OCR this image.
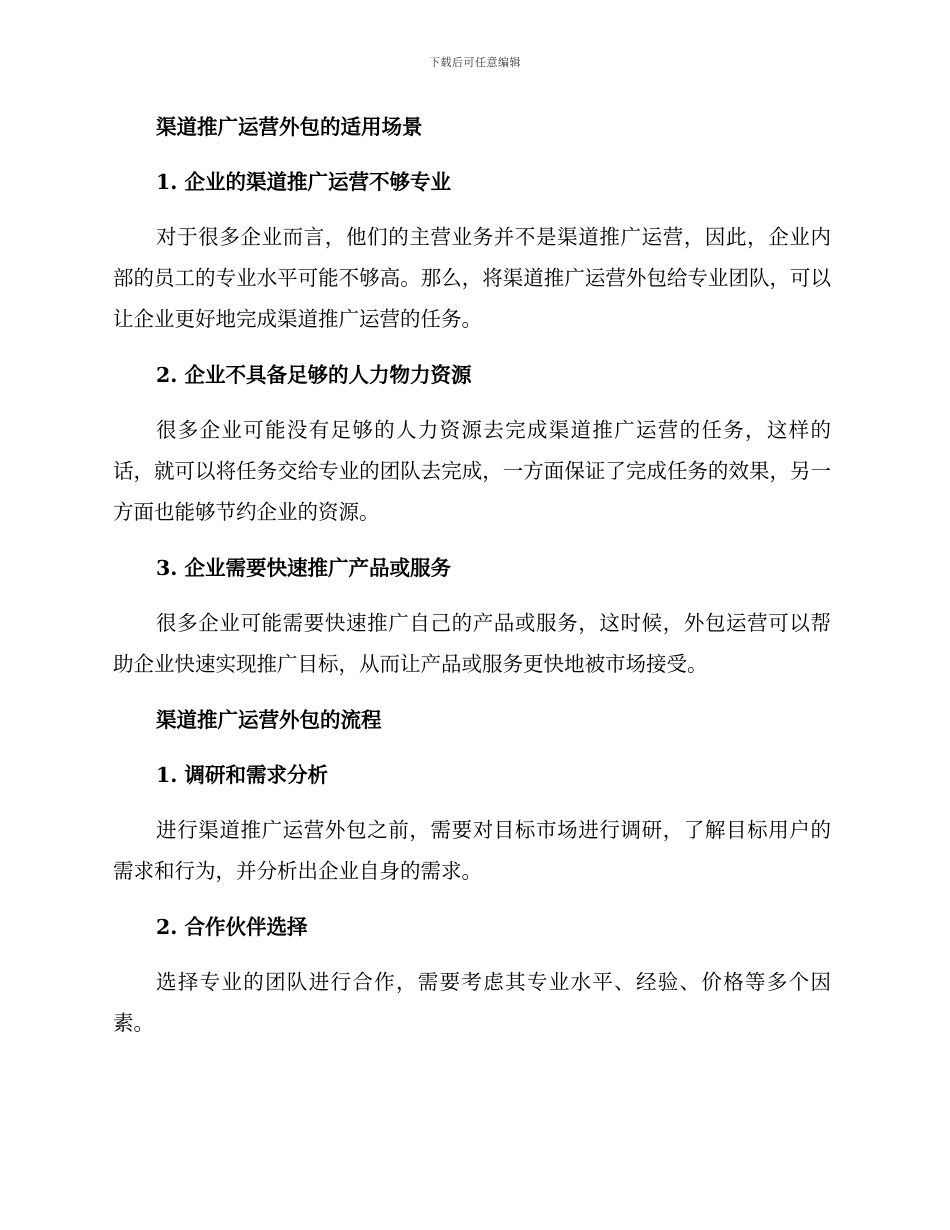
下载后可任意编辑
渠道推广运营外包的适用场景
1. 企业的渠道推广运营不够专业

对于很多企业而言，他们的主营业务并不是渠道推广运营，因此，企业内部的员工的专业水平可能不够高。那么，将渠道推广运营外包给专业团队，可以让企业更好地完成渠道推广运营的任务。

2. 企业不具备足够的人力物力资源

很多企业可能没有足够的人力资源去完成渠道推广运营的任务，这样的话，就可以将任务交给专业的团队去完成，一方面保证了完成任务的效果，另一方面也能够节约企业的资源。

3. 企业需要快速推广产品或服务

很多企业可能需要快速推广自己的产品或服务，这时候，外包运营可以帮助企业快速实现推广目标，从而让产品或服务更快地被市场接受。

渠道推广运营外包的流程
1. 调研和需求分析

进行渠道推广运营外包之前，需要对目标市场进行调研，了解目标用户的需求和行为，并分析出企业自身的需求。

2. 合作伙伴选择

选择专业的团队进行合作，需要考虑其专业水平、经验、价格等多个因素。
